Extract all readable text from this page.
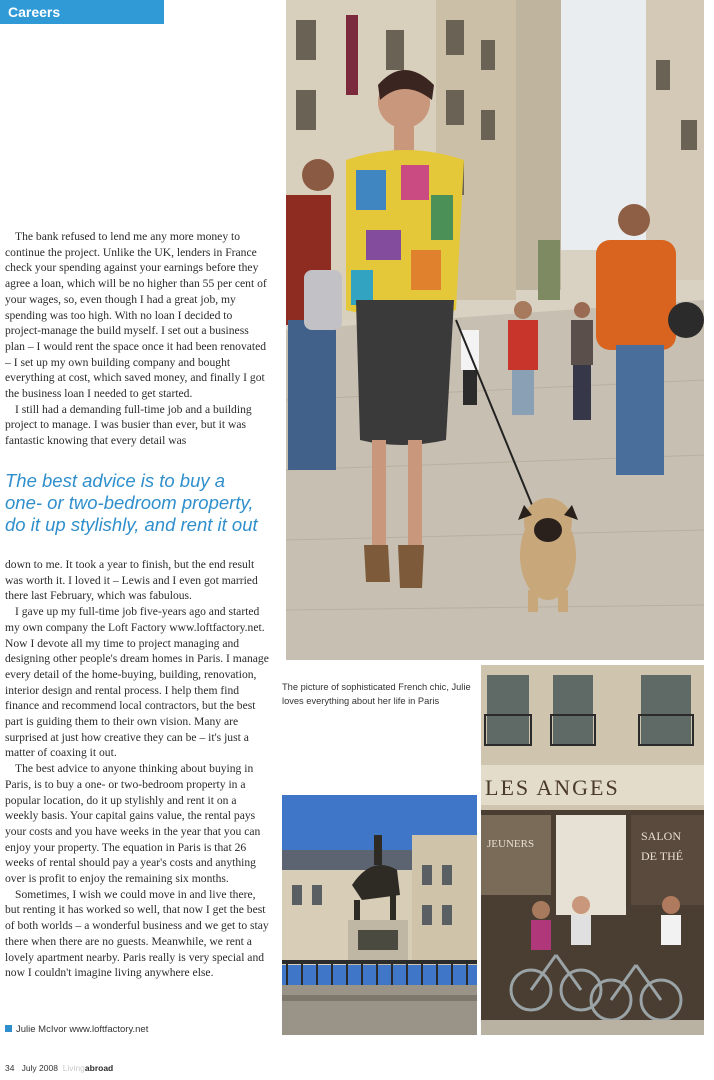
Careers

The bank refused to lend me any more money to continue the project. Unlike the UK, lenders in France check your spending against your earnings before they agree a loan, which will be no higher than 55 per cent of your wages, so, even though I had a great job, my spending was too high. With no loan I decided to project-manage the build myself. I set out a business plan – I would rent the space once it had been renovated – I set up my own building company and bought everything at cost, which saved money, and finally I got the business loan I needed to get started.

I still had a demanding full-time job and a building project to manage. I was busier than ever, but it was fantastic knowing that every detail was

The best advice is to buy a one- or two-bedroom property, do it up stylishly, and rent it out

down to me. It took a year to finish, but the end result was worth it. I loved it – Lewis and I even got married there last February, which was fabulous.

I gave up my full-time job five-years ago and started my own company the Loft Factory www.loftfactory.net. Now I devote all my time to project managing and designing other people's dream homes in Paris. I manage every detail of the home-buying, building, renovation, interior design and rental process. I help them find finance and recommend local contractors, but the best part is guiding them to their own vision. Many are surprised at just how creative they can be – it's just a matter of coaxing it out.

The best advice to anyone thinking about buying in Paris, is to buy a one- or two-bedroom property in a popular location, do it up stylishly and rent it on a weekly basis. Your capital gains value, the rental pays your costs and you have weeks in the year that you can enjoy your property. The equation in Paris is that 26 weeks of rental should pay a year's costs and anything over is profit to enjoy the remaining six months.

Sometimes, I wish we could move in and live there, but renting it has worked so well, that now I get the best of both worlds – a wonderful business and we get to stay there when there are no guests. Meanwhile, we rent a lovely apartment nearby. Paris really is very special and now I couldn't imagine living anywhere else.

Julie McIvor www.loftfactory.net
34 July 2008 Livingabroad
The picture of sophisticated French chic, Julie loves everything about her life in Paris
LES ANGES
JEUNERS
SALON
DE THÉ
